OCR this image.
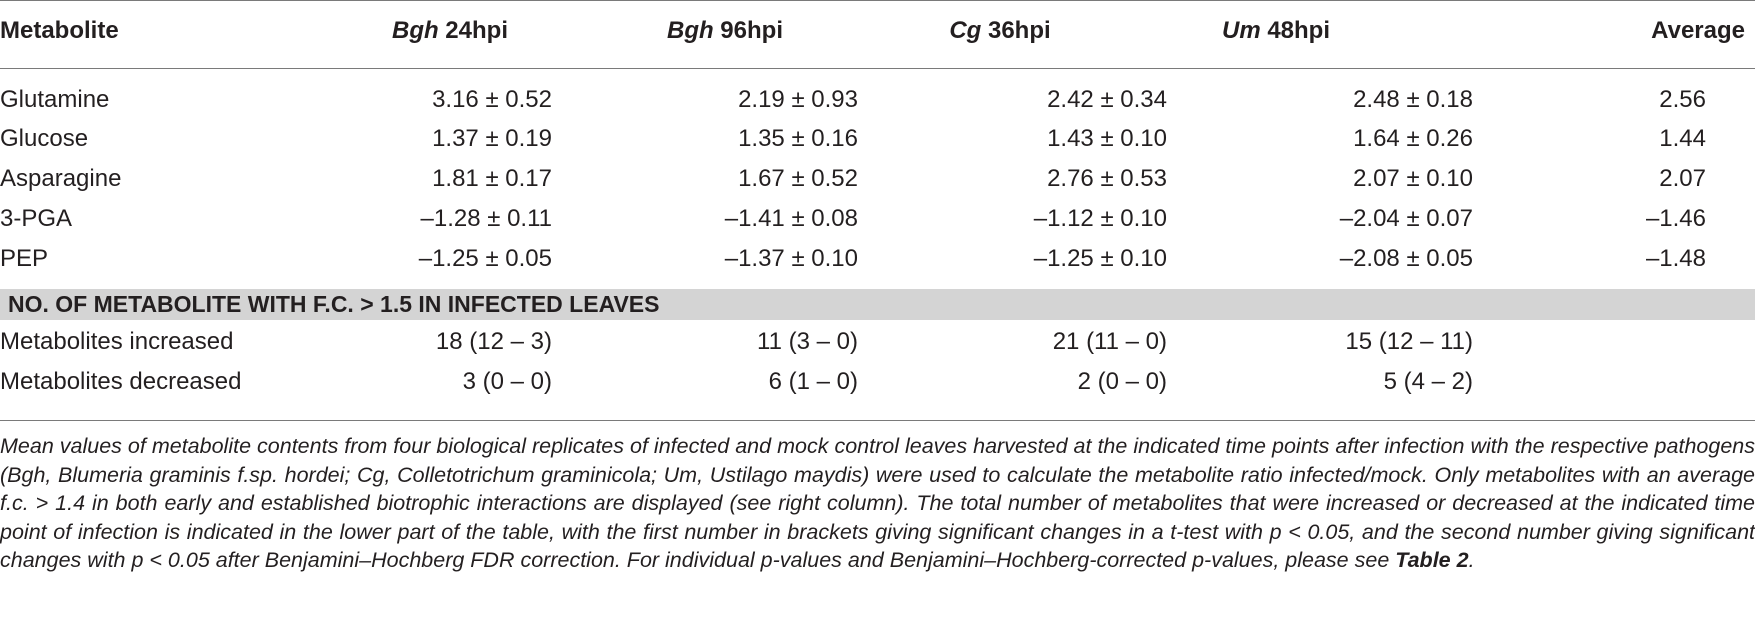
Metabolite	Bgh 24hpi	Bgh 96hpi	Cg 36hpi	Um 48hpi	Average
Glutamine	3.16 ± 0.52	2.19 ± 0.93	2.42 ± 0.34	2.48 ± 0.18	2.56
Glucose	1.37 ± 0.19	1.35 ± 0.16	1.43 ± 0.10	1.64 ± 0.26	1.44
Asparagine	1.81 ± 0.17	1.67 ± 0.52	2.76 ± 0.53	2.07 ± 0.10	2.07
3-PGA	–1.28 ± 0.11	–1.41 ± 0.08	–1.12 ± 0.10	–2.04 ± 0.07	–1.46
PEP	–1.25 ± 0.05	–1.37 ± 0.10	–1.25 ± 0.10	–2.08 ± 0.05	–1.48
NO. OF METABOLITE WITH F.C. > 1.5 IN INFECTED LEAVES
Metabolites increased	18 (12 – 3)	11 (3 – 0)	21 (11 – 0)	15 (12 – 11)
Metabolites decreased	3 (0 – 0)	6 (1 – 0)	2 (0 – 0)	5 (4 – 2)
Mean values of metabolite contents from four biological replicates of infected and mock control leaves harvested at the indicated time points after infection with the respective pathogens (Bgh, Blumeria graminis f.sp. hordei; Cg, Colletotrichum graminicola; Um, Ustilago maydis) were used to calculate the metabolite ratio infected/mock. Only metabolites with an average f.c. > 1.4 in both early and established biotrophic interactions are displayed (see right column). The total number of metabolites that were increased or decreased at the indicated time point of infection is indicated in the lower part of the table, with the first number in brackets giving significant changes in a t-test with p < 0.05, and the second number giving significant changes with p < 0.05 after Benjamini–Hochberg FDR correction. For individual p-values and Benjamini–Hochberg-corrected p-values, please see Table 2.
